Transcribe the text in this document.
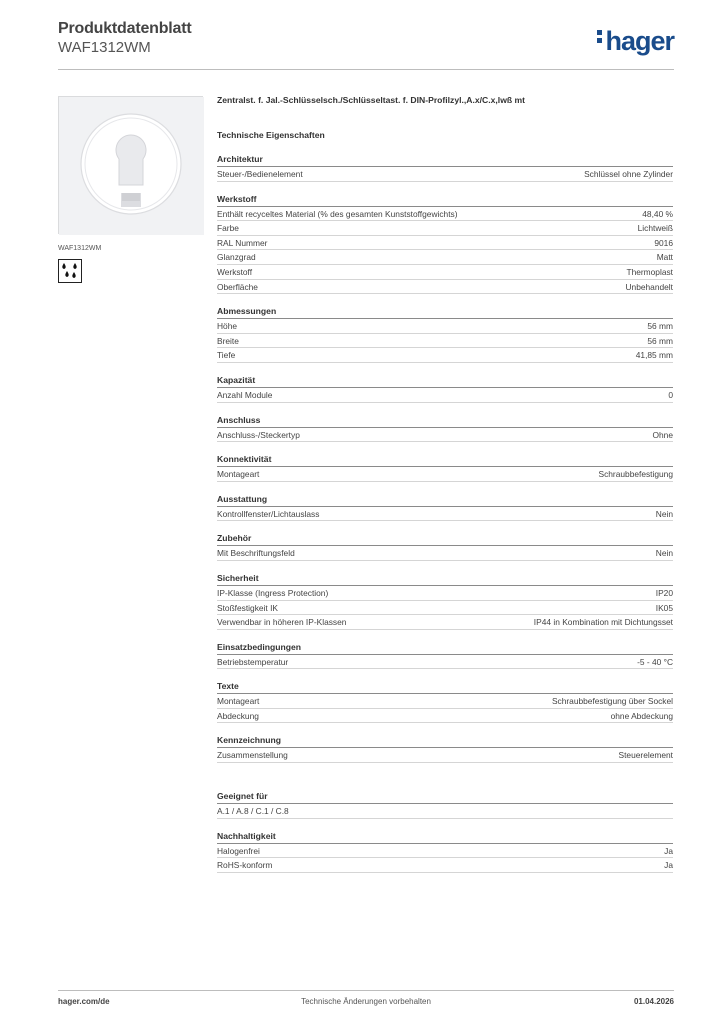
Produktdatenblatt
WAF1312WM	hager
WAF1312WM
Zentralst. f. Jal.-Schlüsselsch./Schlüsseltast. f. DIN-Profilzyl.,A.x/C.x,lwß mt
Technische Eigenschaften
Architektur
Steuer-/Bedienelement	Schlüssel ohne Zylinder
Werkstoff
Enthält recyceltes Material (% des gesamten Kunststoffgewichts)	48,40 %
Farbe	Lichtweiß
RAL Nummer	9016
Glanzgrad	Matt
Werkstoff	Thermoplast
Oberfläche	Unbehandelt
Abmessungen
Höhe	56 mm
Breite	56 mm
Tiefe	41,85 mm
Kapazität
Anzahl Module	0
Anschluss
Anschluss-/Steckertyp	Ohne
Konnektivität
Montageart	Schraubbefestigung
Ausstattung
Kontrollfenster/Lichtauslass	Nein
Zubehör
Mit Beschriftungsfeld	Nein
Sicherheit
IP-Klasse (Ingress Protection)	IP20
Stoßfestigkeit IK	IK05
Verwendbar in höheren IP-Klassen	IP44 in Kombination mit Dichtungsset
Einsatzbedingungen
Betriebstemperatur	-5 - 40 °C
Texte
Montageart	Schraubbefestigung über Sockel
Abdeckung	ohne Abdeckung
Kennzeichnung
Zusammenstellung	Steuerelement
Geeignet für
A.1 / A.8 / C.1 / C.8
Nachhaltigkeit
Halogenfrei	Ja
RoHS-konform	Ja
hager.com/de	Technische Änderungen vorbehalten	01.04.2026
